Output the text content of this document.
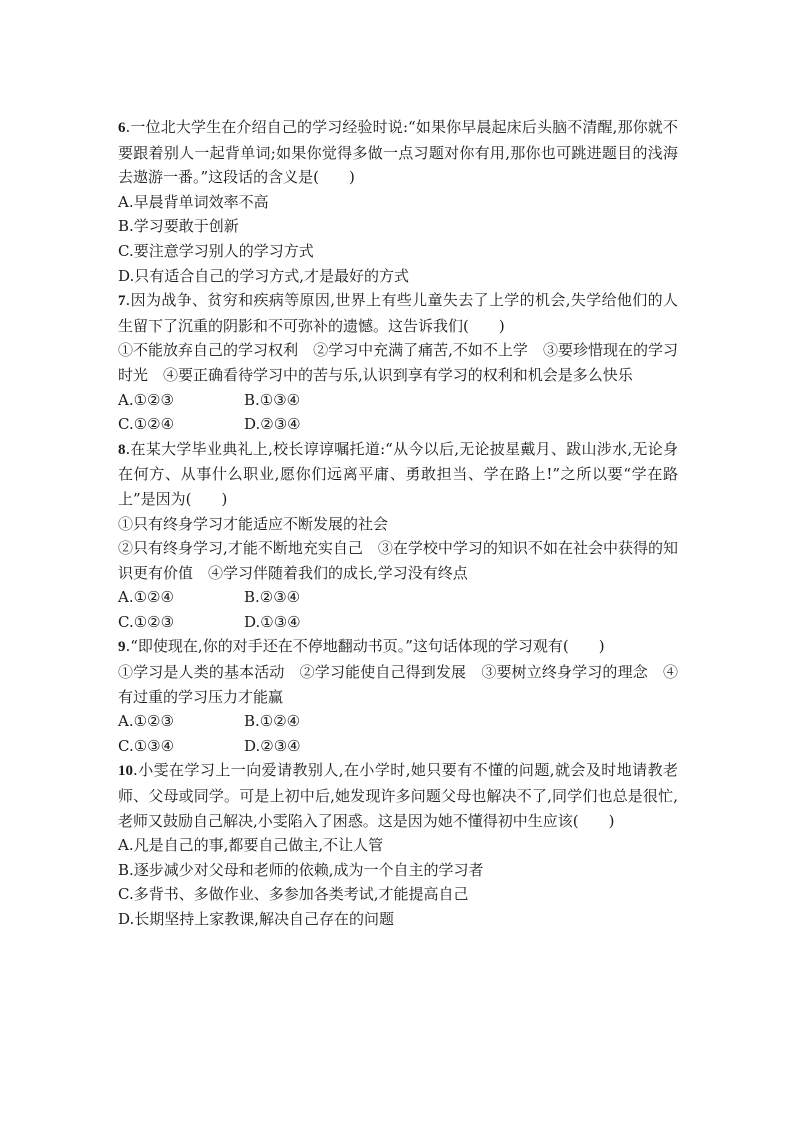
6.一位北大学生在介绍自己的学习经验时说:“如果你早晨起床后头脑不清醒,那你就不要跟着别人一起背单词;如果你觉得多做一点习题对你有用,那你也可跳进题目的浅海去遨游一番。”这段话的含义是(　　)

A.早晨背单词效率不高

B.学习要敢于创新

C.要注意学习别人的学习方式

D.只有适合自己的学习方式,才是最好的方式

7.因为战争、贫穷和疾病等原因,世界上有些儿童失去了上学的机会,失学给他们的人生留下了沉重的阴影和不可弥补的遗憾。这告诉我们(　　)

①不能放弃自己的学习权利　②学习中充满了痛苦,不如不上学　③要珍惜现在的学习时光　④要正确看待学习中的苦与乐,认识到享有学习的权利和机会是多么快乐

A.①②③	B.①③④
C.①②④	D.②③④

8.在某大学毕业典礼上,校长谆谆嘱托道:“从今以后,无论披星戴月、跋山涉水,无论身在何方、从事什么职业,愿你们远离平庸、勇敢担当、学在路上!”之所以要“学在路上”是因为(　　)

①只有终身学习才能适应不断发展的社会

②只有终身学习,才能不断地充实自己　③在学校中学习的知识不如在社会中获得的知识更有价值　④学习伴随着我们的成长,学习没有终点

A.①②④	B.②③④
C.①②③	D.①③④

9.“即使现在,你的对手还在不停地翻动书页。”这句话体现的学习观有(　　)

①学习是人类的基本活动　②学习能使自己得到发展　③要树立终身学习的理念　④有过重的学习压力才能赢

A.①②③	B.①②④
C.①③④	D.②③④

10.小雯在学习上一向爱请教别人,在小学时,她只要有不懂的问题,就会及时地请教老师、父母或同学。可是上初中后,她发现许多问题父母也解决不了,同学们也总是很忙,老师又鼓励自己解决,小雯陷入了困惑。这是因为她不懂得初中生应该(　　)

A.凡是自己的事,都要自己做主,不让人管

B.逐步减少对父母和老师的依赖,成为一个自主的学习者

C.多背书、多做作业、多参加各类考试,才能提高自己

D.长期坚持上家教课,解决自己存在的问题
